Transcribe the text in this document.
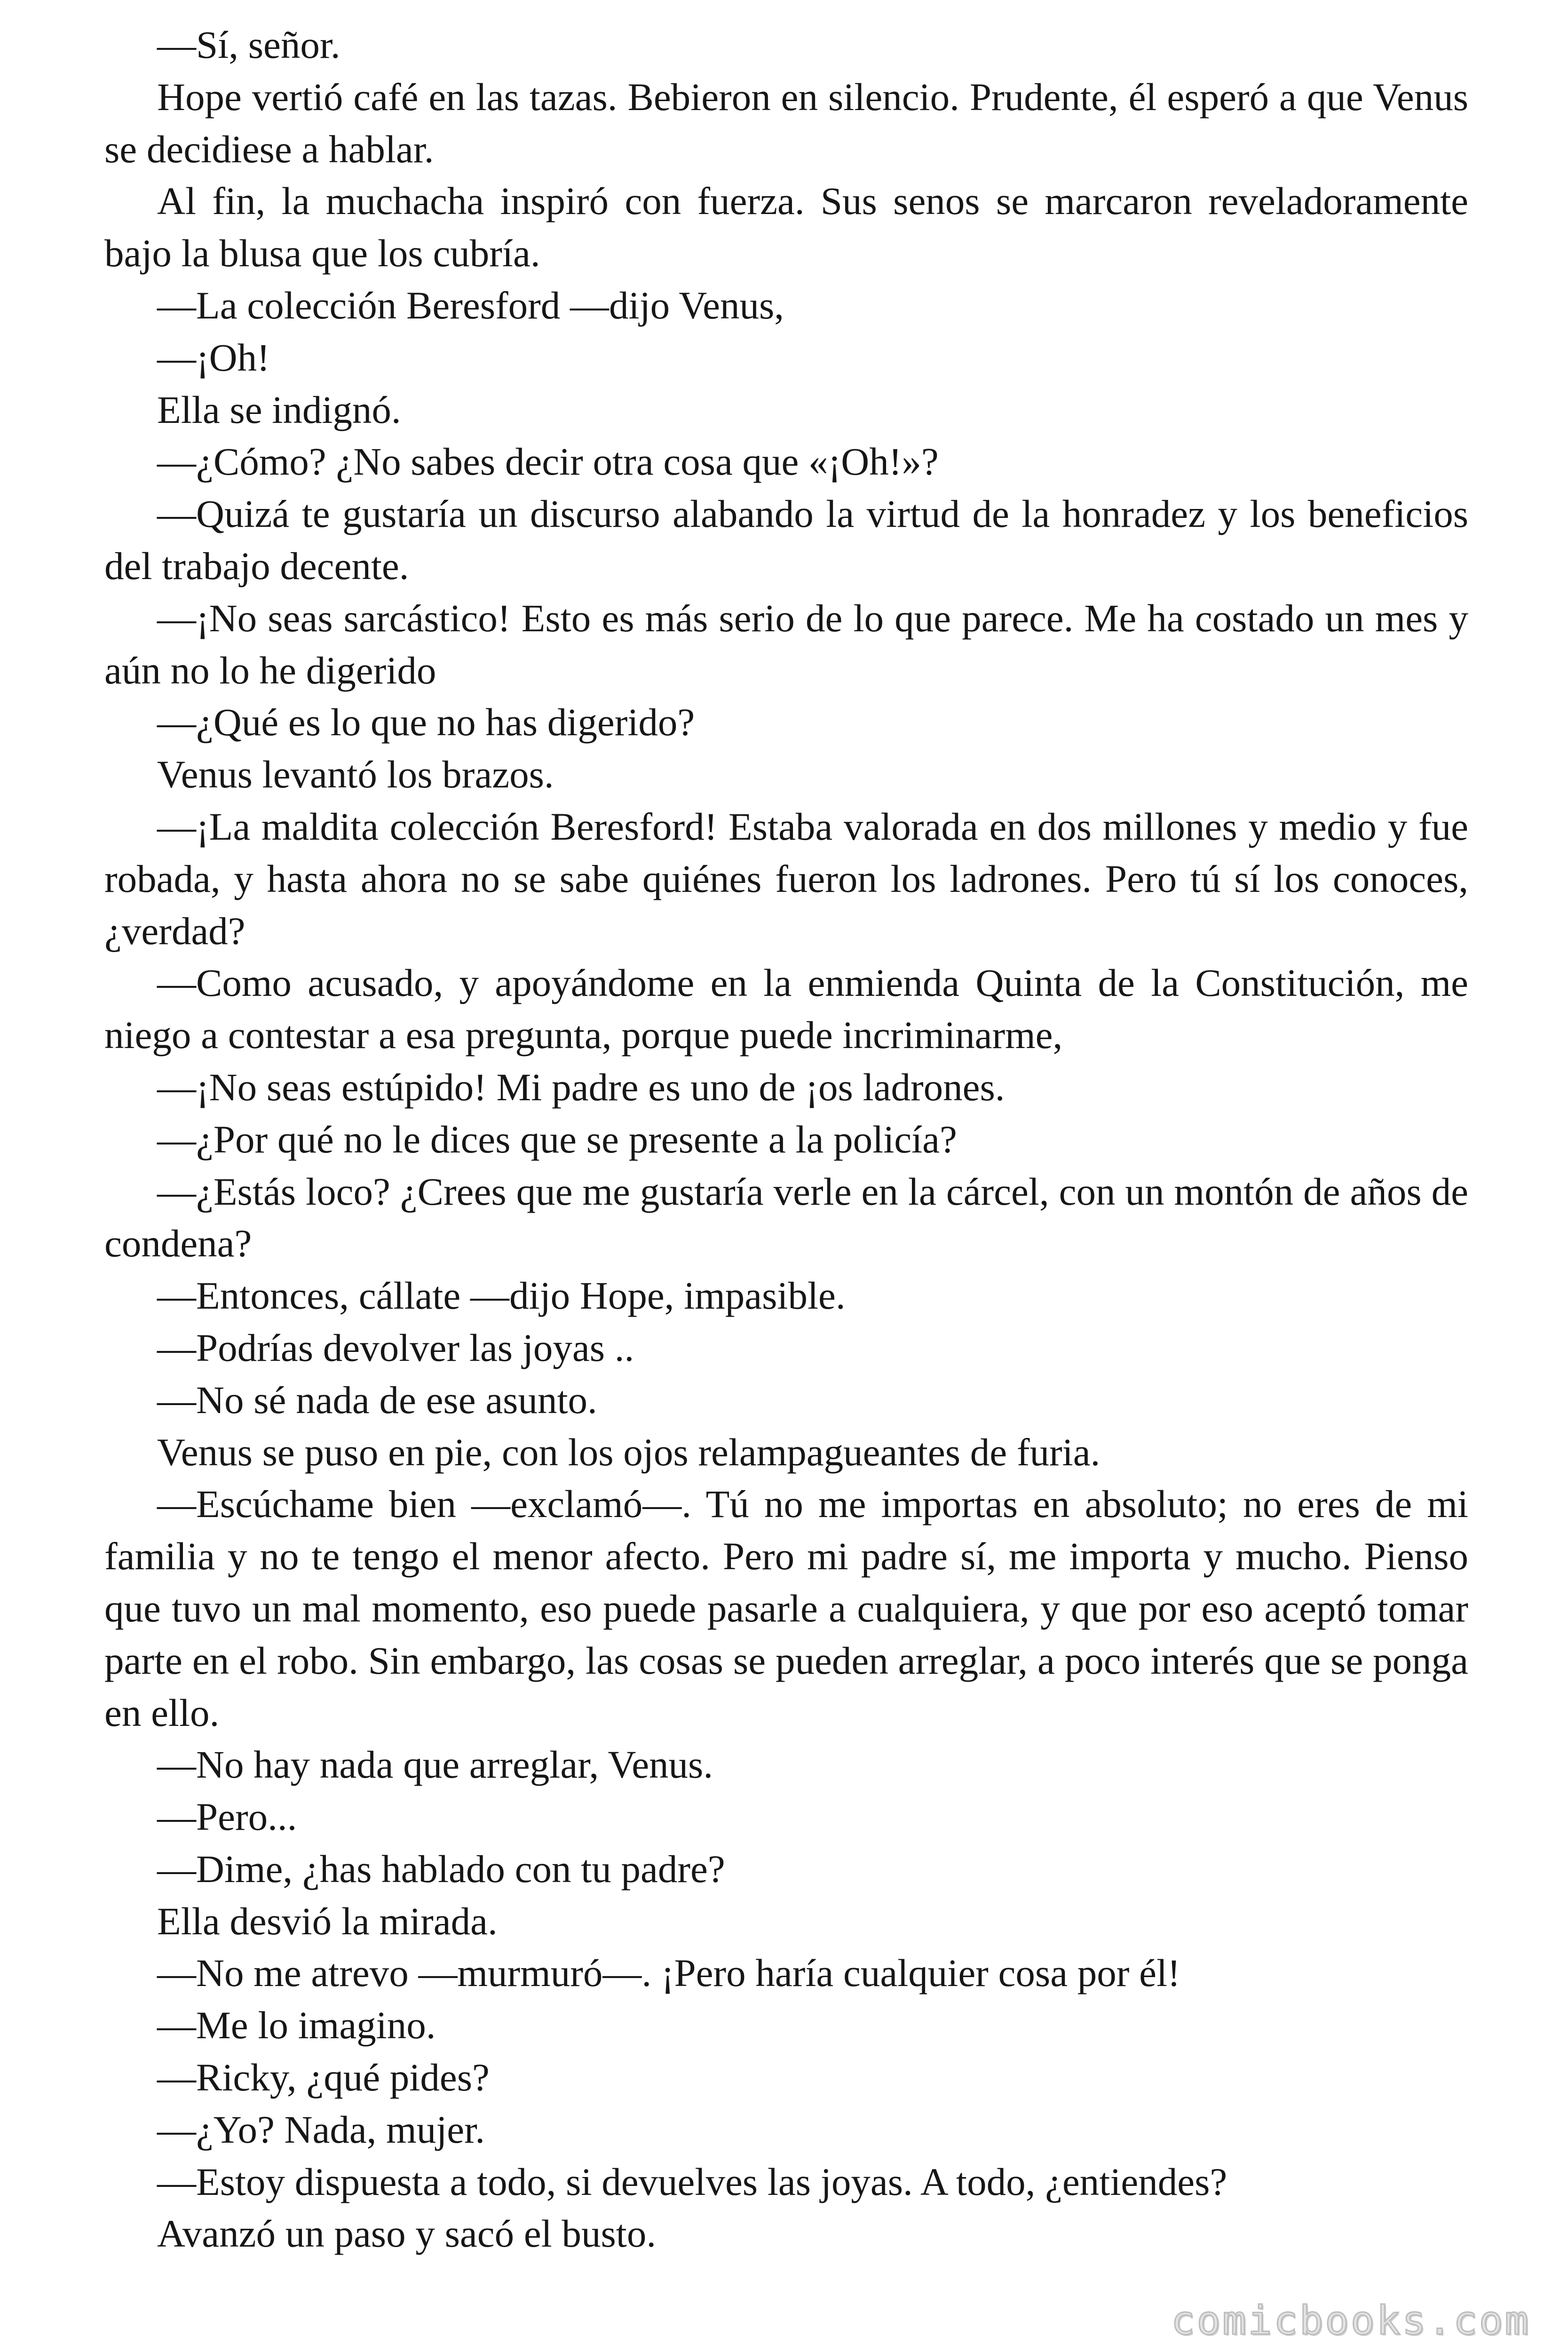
—Sí, señor.

Hope vertió café en las tazas. Bebieron en silencio. Prudente, él esperó a que Venus se decidiese a hablar.

Al fin, la muchacha inspiró con fuerza. Sus senos se marcaron reveladoramente bajo la blusa que los cubría.

—La colección Beresford —dijo Venus,

—¡Oh!

Ella se indignó.

—¿Cómo? ¿No sabes decir otra cosa que «¡Oh!»?

—Quizá te gustaría un discurso alabando la virtud de la honradez y los beneficios del trabajo decente.

—¡No seas sarcástico! Esto es más serio de lo que parece. Me ha costado un mes y aún no lo he digerido

—¿Qué es lo que no has digerido?

Venus levantó los brazos.

—¡La maldita colección Beresford! Estaba valorada en dos millones y medio y fue robada, y hasta ahora no se sabe quiénes fueron los ladrones. Pero tú sí los conoces, ¿verdad?

—Como acusado, y apoyándome en la enmienda Quinta de la Constitución, me niego a contestar a esa pregunta, porque puede incriminarme,

—¡No seas estúpido! Mi padre es uno de ¡os ladrones.

—¿Por qué no le dices que se presente a la policía?

—¿Estás loco? ¿Crees que me gustaría verle en la cárcel, con un montón de años de condena?

—Entonces, cállate —dijo Hope, impasible.

—Podrías devolver las joyas ..

—No sé nada de ese asunto.

Venus se puso en pie, con los ojos relampagueantes de furia.

—Escúchame bien —exclamó—. Tú no me importas en absoluto; no eres de mi familia y no te tengo el menor afecto. Pero mi padre sí, me importa y mucho. Pienso que tuvo un mal momento, eso puede pasarle a cualquiera, y que por eso aceptó tomar parte en el robo. Sin embargo, las cosas se pueden arreglar, a poco interés que se ponga en ello.

—No hay nada que arreglar, Venus.

—Pero...

—Dime, ¿has hablado con tu padre?

Ella desvió la mirada.

—No me atrevo —murmuró—. ¡Pero haría cualquier cosa por él!

—Me lo imagino.

—Ricky, ¿qué pides?

—¿Yo? Nada, mujer.

—Estoy dispuesta a todo, si devuelves las joyas. A todo, ¿entiendes?

Avanzó un paso y sacó el busto.

comicbooks.com
